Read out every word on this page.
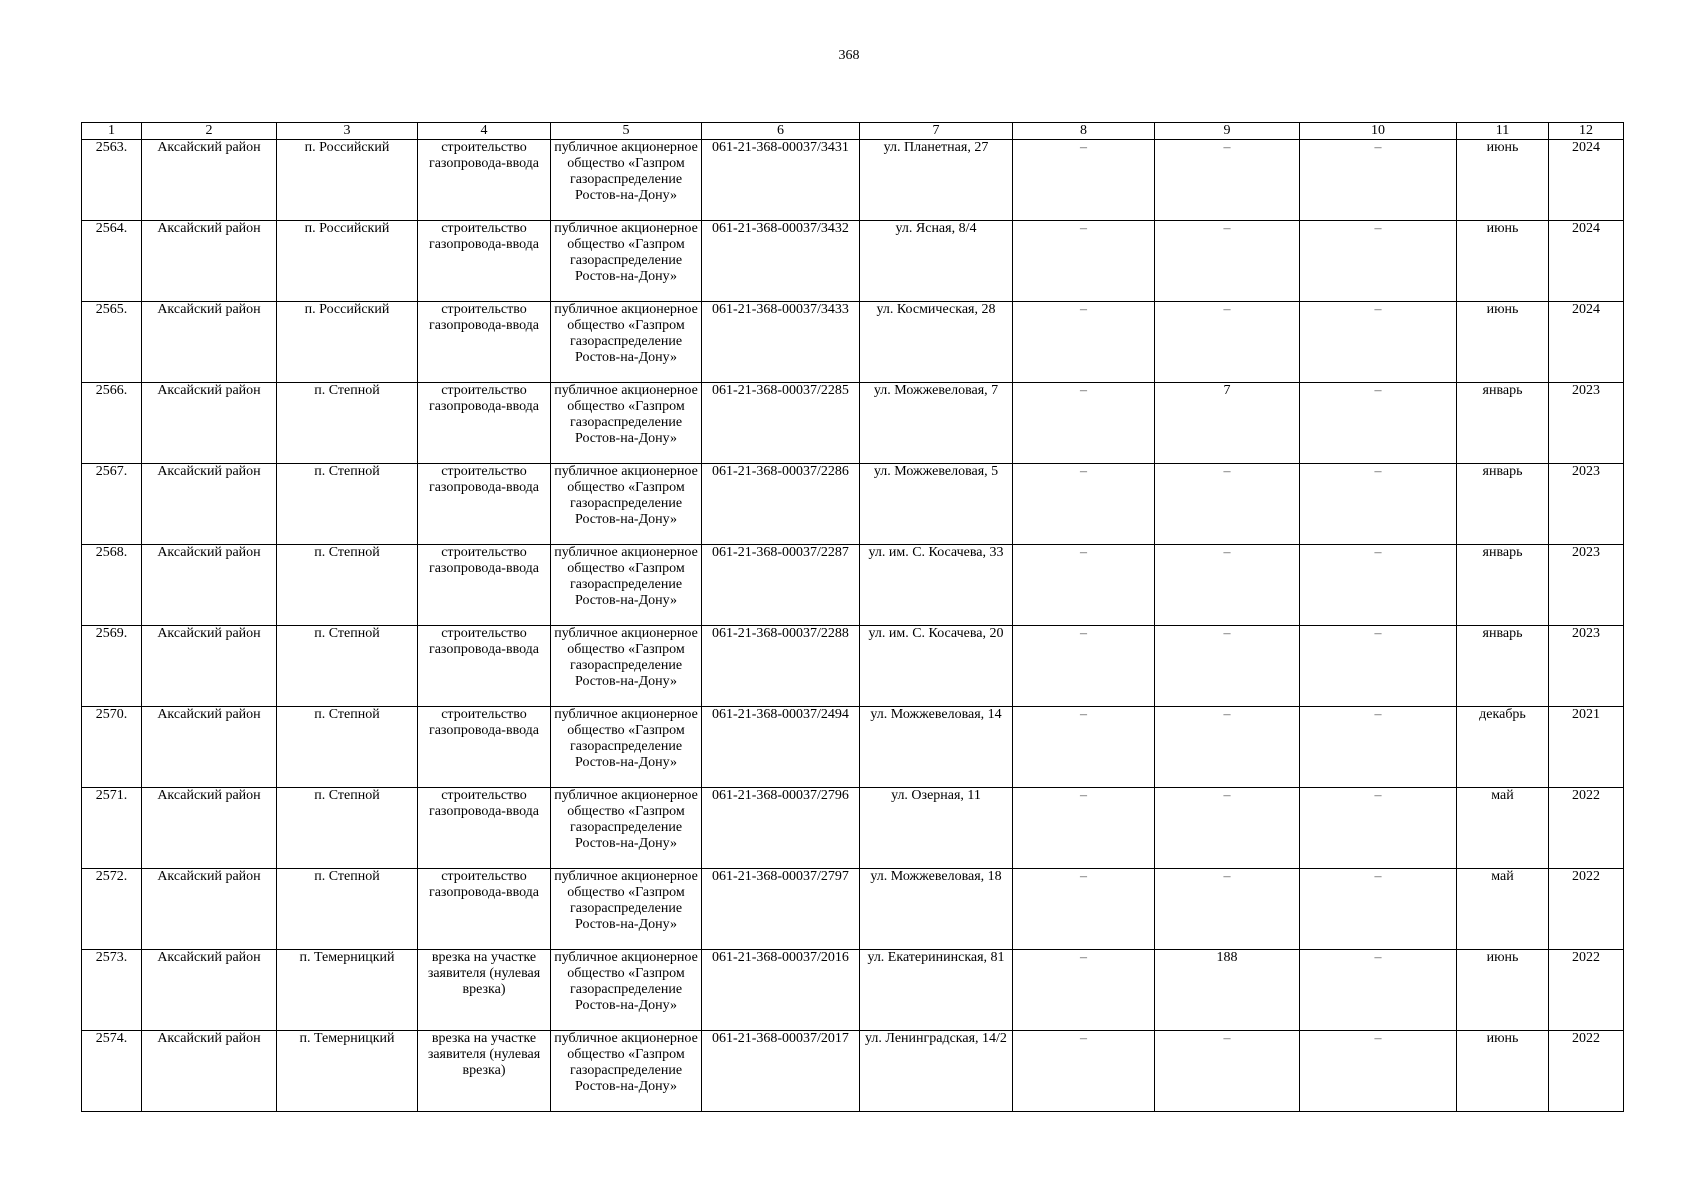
368
1	2	3	4	5	6	7	8	9	10	11	12
2563.	Аксайский район	п. Российский	строительство газопровода-ввода	публичное акционерное общество «Газпром газораспределение Ростов-на-Дону»	061-21-368-00037/3431	ул. Планетная, 27	–	–	–	июнь	2024
2564.	Аксайский район	п. Российский	строительство газопровода-ввода	публичное акционерное общество «Газпром газораспределение Ростов-на-Дону»	061-21-368-00037/3432	ул. Ясная, 8/4	–	–	–	июнь	2024
2565.	Аксайский район	п. Российский	строительство газопровода-ввода	публичное акционерное общество «Газпром газораспределение Ростов-на-Дону»	061-21-368-00037/3433	ул. Космическая, 28	–	–	–	июнь	2024
2566.	Аксайский район	п. Степной	строительство газопровода-ввода	публичное акционерное общество «Газпром газораспределение Ростов-на-Дону»	061-21-368-00037/2285	ул. Можжевеловая, 7	–	7	–	январь	2023
2567.	Аксайский район	п. Степной	строительство газопровода-ввода	публичное акционерное общество «Газпром газораспределение Ростов-на-Дону»	061-21-368-00037/2286	ул. Можжевеловая, 5	–	–	–	январь	2023
2568.	Аксайский район	п. Степной	строительство газопровода-ввода	публичное акционерное общество «Газпром газораспределение Ростов-на-Дону»	061-21-368-00037/2287	ул. им. С. Косачева, 33	–	–	–	январь	2023
2569.	Аксайский район	п. Степной	строительство газопровода-ввода	публичное акционерное общество «Газпром газораспределение Ростов-на-Дону»	061-21-368-00037/2288	ул. им. С. Косачева, 20	–	–	–	январь	2023
2570.	Аксайский район	п. Степной	строительство газопровода-ввода	публичное акционерное общество «Газпром газораспределение Ростов-на-Дону»	061-21-368-00037/2494	ул. Можжевеловая, 14	–	–	–	декабрь	2021
2571.	Аксайский район	п. Степной	строительство газопровода-ввода	публичное акционерное общество «Газпром газораспределение Ростов-на-Дону»	061-21-368-00037/2796	ул. Озерная, 11	–	–	–	май	2022
2572.	Аксайский район	п. Степной	строительство газопровода-ввода	публичное акционерное общество «Газпром газораспределение Ростов-на-Дону»	061-21-368-00037/2797	ул. Можжевеловая, 18	–	–	–	май	2022
2573.	Аксайский район	п. Темерницкий	врезка на участке заявителя (нулевая врезка)	публичное акционерное общество «Газпром газораспределение Ростов-на-Дону»	061-21-368-00037/2016	ул. Екатерининская, 81	–	188	–	июнь	2022
2574.	Аксайский район	п. Темерницкий	врезка на участке заявителя (нулевая врезка)	публичное акционерное общество «Газпром газораспределение Ростов-на-Дону»	061-21-368-00037/2017	ул. Ленинградская, 14/2	–	–	–	июнь	2022
